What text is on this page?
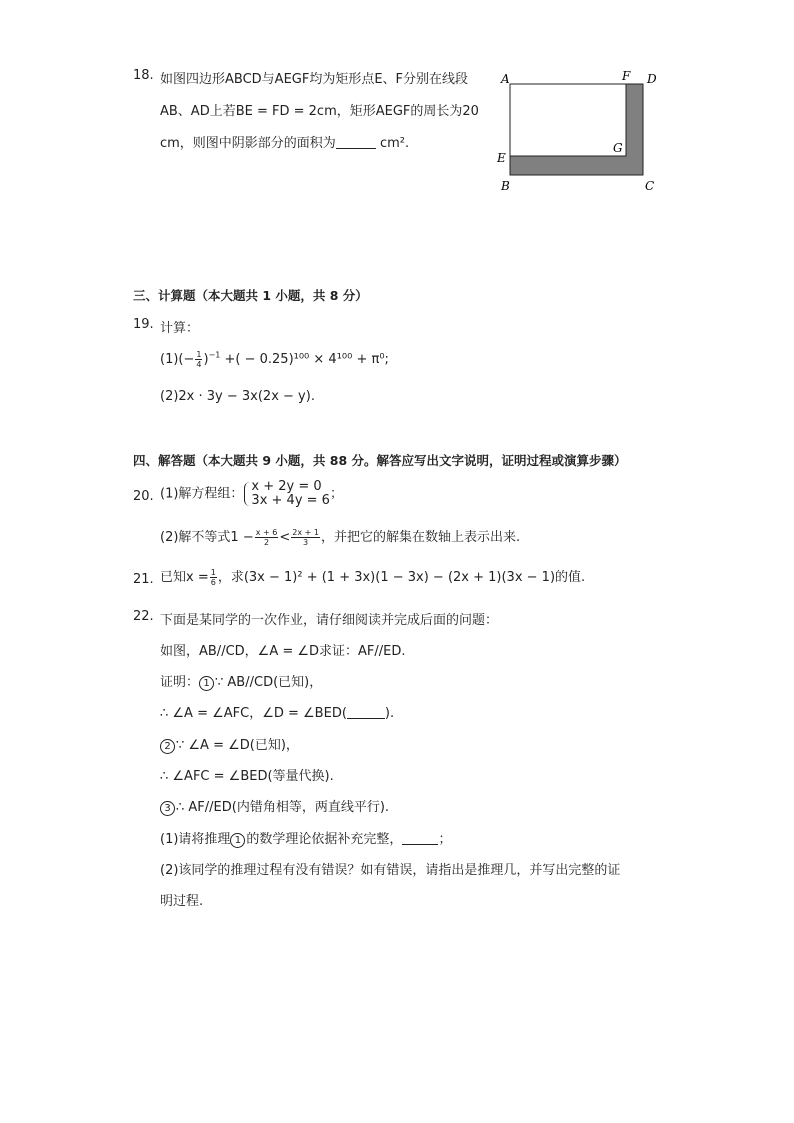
18. 如图四边形ABCD与AEGF均为矩形点E、F分别在线段
AB、AD上若BE = FD = 2cm，矩形AEGF的周长为20
cm，则图中阴影部分的面积为	cm².
A	F D
G
E
B	C
三、计算题（本大题共 1 小题，共 8 分）
19. 计算：
$(1)(- \frac{1}{4} )^{-1}$ +( − 0.25)¹⁰⁰ × 4¹⁰⁰ + π⁰;
(2)2x · 3y − 3x(2x − y).
四、解答题（本大题共 9 小题，共 88 分。解答应写出文字说明，证明过程或演算步骤）
20. (1)解方程组： x + 2y = 0
3x + 4y = 6 ；
(2)解不等式$1 - \frac{x + 6}{2} < \frac{2x + 1}{3}$ ，并把它的解集在数轴上表示出来.
21. 已知$x = \frac{1}{6}$ ，求(3x − 1)² + (1 + 3x)(1 − 3x) − (2x + 1)(3x − 1)的值.
22. 下面是某同学的一次作业，请仔细阅读并完成后面的问题：
如图，AB//CD，∠A = ∠D求证：AF//ED.
证明： 1 ∵ AB//CD(已知)，
∴ ∠A = ∠AFC，∠D = ∠BED(	).
2 ∵ ∠A = ∠D(已知)，
∴ ∠AFC = ∠BED(等量代换).
3 ∴ AF//ED(内错角相等，两直线平行).
(1)请将推理 1 的数学理论依据补充完整，	；
(2)该同学的推理过程有没有错误？如有错误，请指出是推理几，并写出完整的证
明过程.
